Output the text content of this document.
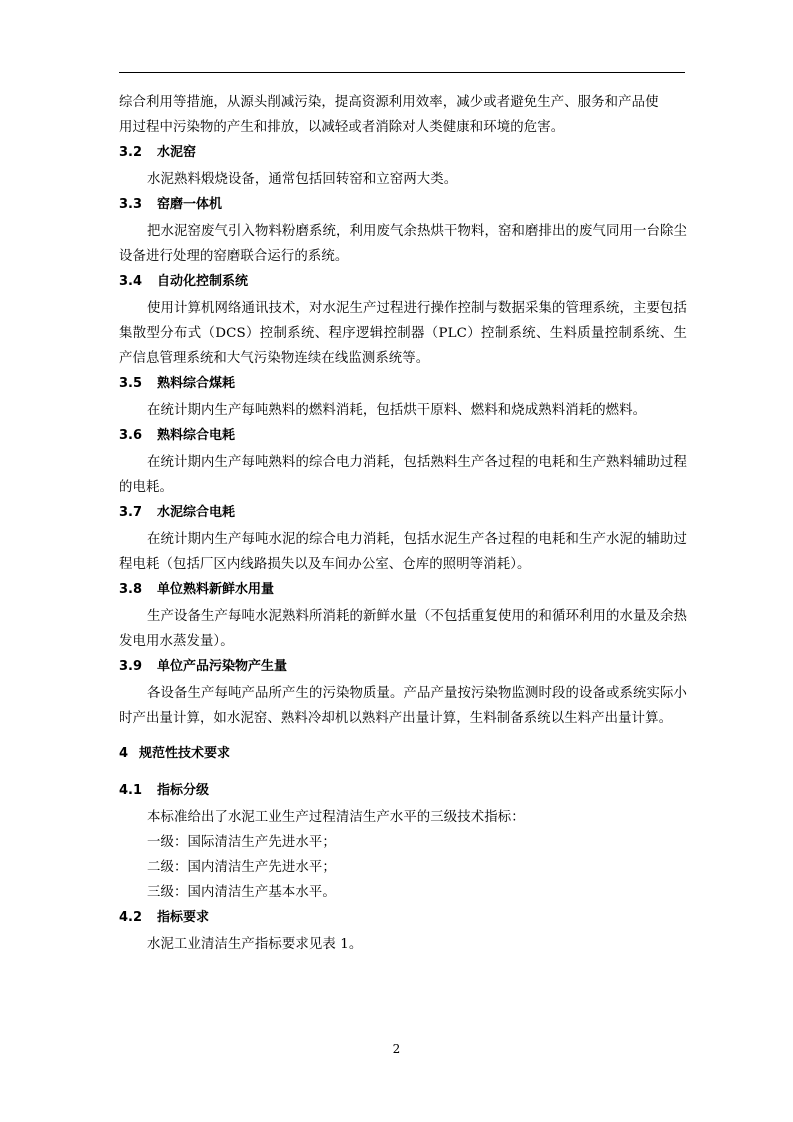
综合利用等措施，从源头削减污染，提高资源利用效率，减少或者避免生产、服务和产品使

用过程中污染物的产生和排放，以减轻或者消除对人类健康和环境的危害。

3.2 水泥窑

水泥熟料煅烧设备，通常包括回转窑和立窑两大类。

3.3 窑磨一体机

把水泥窑废气引入物料粉磨系统，利用废气余热烘干物料，窑和磨排出的废气同用一台除尘设备进行处理的窑磨联合运行的系统。

3.4 自动化控制系统

使用计算机网络通讯技术，对水泥生产过程进行操作控制与数据采集的管理系统，主要包括集散型分布式（DCS）控制系统、程序逻辑控制器（PLC）控制系统、生料质量控制系统、生产信息管理系统和大气污染物连续在线监测系统等。

3.5 熟料综合煤耗

在统计期内生产每吨熟料的燃料消耗，包括烘干原料、燃料和烧成熟料消耗的燃料。

3.6 熟料综合电耗

在统计期内生产每吨熟料的综合电力消耗，包括熟料生产各过程的电耗和生产熟料辅助过程的电耗。

3.7 水泥综合电耗

在统计期内生产每吨水泥的综合电力消耗，包括水泥生产各过程的电耗和生产水泥的辅助过程电耗（包括厂区内线路损失以及车间办公室、仓库的照明等消耗）。

3.8 单位熟料新鲜水用量

生产设备生产每吨水泥熟料所消耗的新鲜水量（不包括重复使用的和循环利用的水量及余热发电用水蒸发量）。

3.9 单位产品污染物产生量

各设备生产每吨产品所产生的污染物质量。产品产量按污染物监测时段的设备或系统实际小时产出量计算，如水泥窑、熟料冷却机以熟料产出量计算，生料制备系统以生料产出量计算。

4 规范性技术要求
4.1 指标分级

本标准给出了水泥工业生产过程清洁生产水平的三级技术指标：

一级：国际清洁生产先进水平；

二级：国内清洁生产先进水平；

三级：国内清洁生产基本水平。

4.2 指标要求

水泥工业清洁生产指标要求见表 1。

2
